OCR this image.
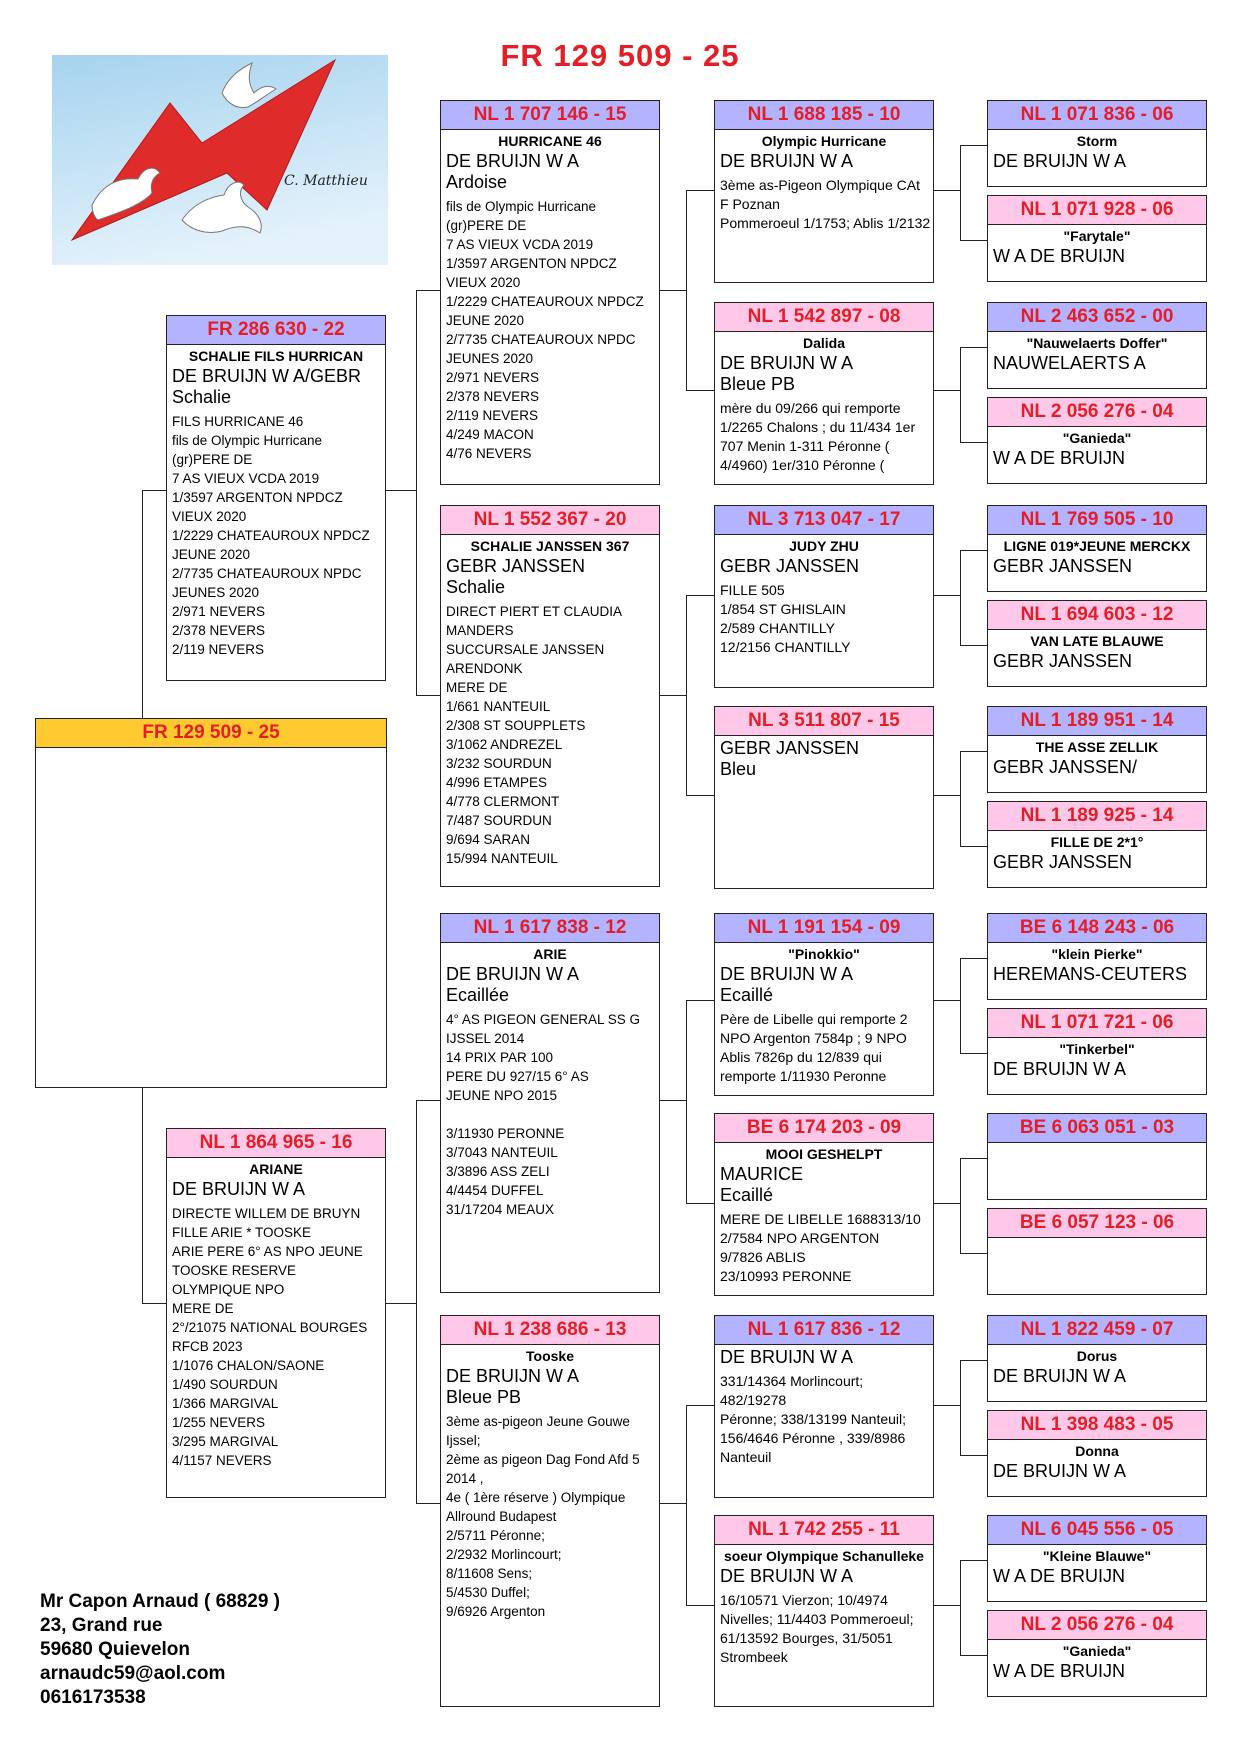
FR 129 509 - 25
C. Matthieu
FR 129 509 - 25
FR 286 630 - 22
SCHALIE FILS HURRICAN
DE BRUIJN W A/GEBR
Schalie
FILS HURRICANE 46
fils de Olympic Hurricane
(gr)PERE DE
7 AS VIEUX VCDA 2019
1/3597 ARGENTON NPDCZ
VIEUX 2020
1/2229 CHATEAUROUX NPDCZ
JEUNE 2020
2/7735 CHATEAUROUX NPDC
JEUNES 2020
2/971 NEVERS
2/378 NEVERS
2/119 NEVERS
NL 1 864 965 - 16
ARIANE
DE BRUIJN W A
DIRECTE WILLEM DE BRUYN
FILLE ARIE * TOOSKE
ARIE PERE 6° AS NPO JEUNE
TOOSKE RESERVE
OLYMPIQUE NPO
MERE DE
2°/21075 NATIONAL BOURGES
RFCB 2023
1/1076 CHALON/SAONE
1/490 SOURDUN
1/366 MARGIVAL
1/255 NEVERS
3/295 MARGIVAL
4/1157 NEVERS
NL 1 707 146 - 15
HURRICANE 46
DE BRUIJN W A
Ardoise
fils de Olympic Hurricane
(gr)PERE DE
7 AS VIEUX VCDA 2019
1/3597 ARGENTON NPDCZ
VIEUX 2020
1/2229 CHATEAUROUX NPDCZ
JEUNE 2020
2/7735 CHATEAUROUX NPDC
JEUNES 2020
2/971 NEVERS
2/378 NEVERS
2/119 NEVERS
4/249 MACON
4/76 NEVERS
NL 1 552 367 - 20
SCHALIE JANSSEN 367
GEBR JANSSEN
Schalie
DIRECT PIERT ET CLAUDIA
MANDERS
SUCCURSALE JANSSEN
ARENDONK
MERE DE
1/661 NANTEUIL
2/308 ST SOUPPLETS
3/1062 ANDREZEL
3/232 SOURDUN
4/996 ETAMPES
4/778 CLERMONT
7/487 SOURDUN
9/694 SARAN
15/994 NANTEUIL
NL 1 617 838 - 12
ARIE
DE BRUIJN W A
Ecaillée
4° AS PIGEON GENERAL SS G
IJSSEL 2014
14 PRIX PAR 100
PERE DU 927/15 6° AS
JEUNE NPO 2015

3/11930 PERONNE
3/7043 NANTEUIL
3/3896 ASS ZELI
4/4454 DUFFEL
31/17204 MEAUX
NL 1 238 686 - 13
Tooske
DE BRUIJN W A
Bleue PB
3ème as-pigeon Jeune Gouwe
Ijssel;
2ème as pigeon Dag Fond Afd 5
2014 ,
4e ( 1ère réserve ) Olympique
Allround Budapest
2/5711 Péronne;
2/2932 Morlincourt;
8/11608 Sens;
5/4530 Duffel;
9/6926 Argenton
NL 1 688 185 - 10
Olympic Hurricane
DE BRUIJN W A
3ème as-Pigeon Olympique CAt
F Poznan
Pommeroeul 1/1753; Ablis 1/2132
NL 1 542 897 - 08
Dalida
DE BRUIJN W A
Bleue PB
mère du 09/266 qui remporte
1/2265 Chalons ; du 11/434 1er
707 Menin 1-311 Péronne (
4/4960) 1er/310 Péronne (
NL 3 713 047 - 17
JUDY ZHU
GEBR JANSSEN
FILLE 505
1/854 ST GHISLAIN
2/589 CHANTILLY
12/2156 CHANTILLY
NL 3 511 807 - 15
GEBR JANSSEN
Bleu
NL 1 191 154 - 09
"Pinokkio"
DE BRUIJN W A
Ecaillé
Père de Libelle qui remporte 2
NPO Argenton 7584p ; 9 NPO
Ablis 7826p du 12/839 qui
remporte 1/11930 Peronne
BE 6 174 203 - 09
MOOI GESHELPT
MAURICE
Ecaillé
MERE DE LIBELLE 1688313/10
2/7584 NPO ARGENTON
9/7826 ABLIS
23/10993 PERONNE
NL 1 617 836 - 12
DE BRUIJN W A
331/14364 Morlincourt; 482/19278
Péronne; 338/13199 Nanteuil;
156/4646 Péronne , 339/8986
Nanteuil
NL 1 742 255 - 11
soeur Olympique Schanulleke
DE BRUIJN W A
16/10571 Vierzon; 10/4974
Nivelles; 11/4403 Pommeroeul;
61/13592 Bourges, 31/5051
Strombeek
NL 1 071 836 - 06
Storm
DE BRUIJN W A
NL 1 071 928 - 06
"Farytale"
W A DE BRUIJN
NL 2 463 652 - 00
"Nauwelaerts Doffer"
NAUWELAERTS A
NL 2 056 276 - 04
"Ganieda"
W A DE BRUIJN
NL 1 769 505 - 10
LIGNE 019*JEUNE MERCKX
GEBR JANSSEN
NL 1 694 603 - 12
VAN LATE BLAUWE
GEBR JANSSEN
NL 1 189 951 - 14
THE ASSE ZELLIK
GEBR JANSSEN/
NL 1 189 925 - 14
FILLE DE 2*1°
GEBR JANSSEN
BE 6 148 243 - 06
"klein Pierke"
HEREMANS-CEUTERS
NL 1 071 721 - 06
"Tinkerbel"
DE BRUIJN W A
BE 6 063 051 - 03
BE 6 057 123 - 06
NL 1 822 459 - 07
Dorus
DE BRUIJN W A
NL 1 398 483 - 05
Donna
DE BRUIJN W A
NL 6 045 556 - 05
"Kleine Blauwe"
W A DE BRUIJN
NL 2 056 276 - 04
"Ganieda"
W A DE BRUIJN
Mr Capon Arnaud ( 68829 )
23, Grand rue
59680 Quievelon
arnaudc59@aol.com
0616173538
